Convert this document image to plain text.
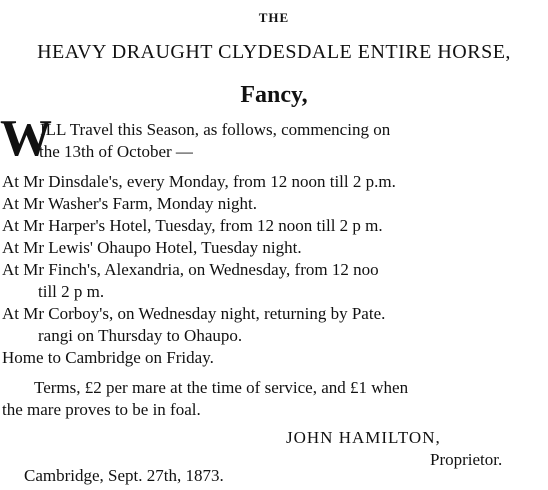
THE
HEAVY DRAUGHT CLYDESDALE ENTIRE HORSE,
Fancy,
W
ILL Travel this Season, as follows, commencing on
the 13th of October —
At Mr Dinsdale's, every Monday, from 12 noon till 2 p.m.
At Mr Washer's Farm, Monday night.
At Mr Harper's Hotel, Tuesday, from 12 noon till 2 p m.
At Mr Lewis' Ohaupo Hotel, Tuesday night.
At Mr Finch's, Alexandria, on Wednesday, from 12 noo
till 2 p m.
At Mr Corboy's, on Wednesday night, returning by Pate.
rangi on Thursday to Ohaupo.
Home to Cambridge on Friday.
Terms, £2 per mare at the time of service, and £1 when
the mare proves to be in foal.
JOHN HAMILTON,
Proprietor.
Cambridge, Sept. 27th, 1873.
